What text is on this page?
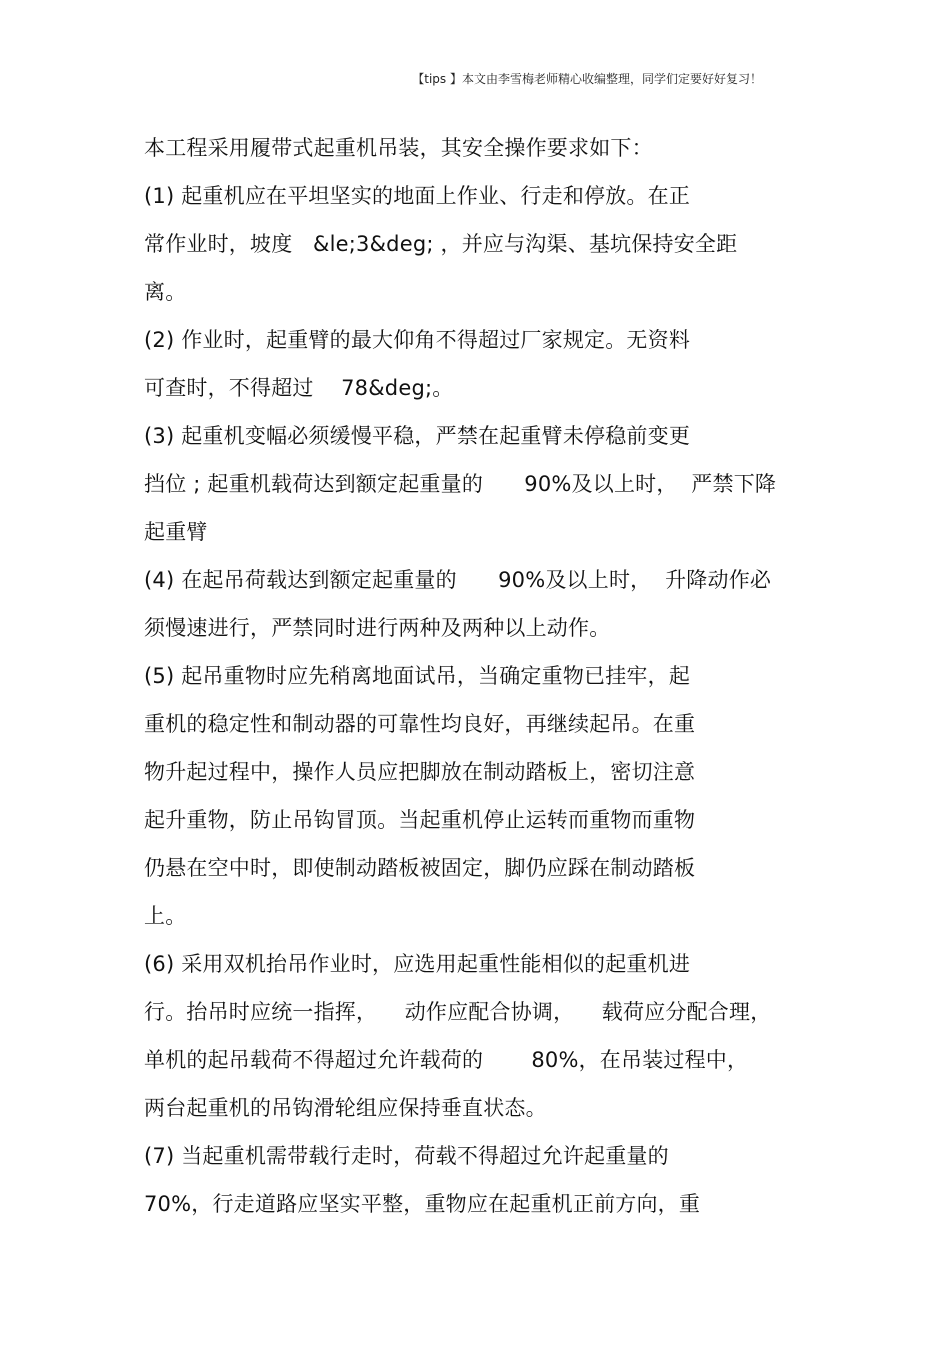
【tips 】本文由李雪梅老师精心收编整理，同学们定要好好复习！
本工程采用履带式起重机吊装，其安全操作要求如下：
(1) 起重机应在平坦坚实的地面上作业、行走和停放。在正
常作业时，坡度   &le;3&deg; ，并应与沟渠、基坑保持安全距
离。
(2) 作业时，起重臂的最大仰角不得超过厂家规定。无资料
可查时，不得超过    78&deg;。
(3) 起重机变幅必须缓慢平稳，严禁在起重臂未停稳前变更
挡位 ; 起重机载荷达到额定起重量的      90%及以上时，  严禁下降
起重臂
(4) 在起吊荷载达到额定起重量的      90%及以上时，  升降动作必
须慢速进行，严禁同时进行两种及两种以上动作。
(5) 起吊重物时应先稍离地面试吊，当确定重物已挂牢，起
重机的稳定性和制动器的可靠性均良好，再继续起吊。在重
物升起过程中，操作人员应把脚放在制动踏板上，密切注意
起升重物，防止吊钩冒顶。当起重机停止运转而重物而重物
仍悬在空中时，即使制动踏板被固定，脚仍应踩在制动踏板
上。
(6) 采用双机抬吊作业时，应选用起重性能相似的起重机进
行。抬吊时应统一指挥，    动作应配合协调，    载荷应分配合理，
单机的起吊载荷不得超过允许载荷的       80%，在吊装过程中，
两台起重机的吊钩滑轮组应保持垂直状态。
(7) 当起重机需带载行走时，荷载不得超过允许起重量的
70%，行走道路应坚实平整，重物应在起重机正前方向，重
